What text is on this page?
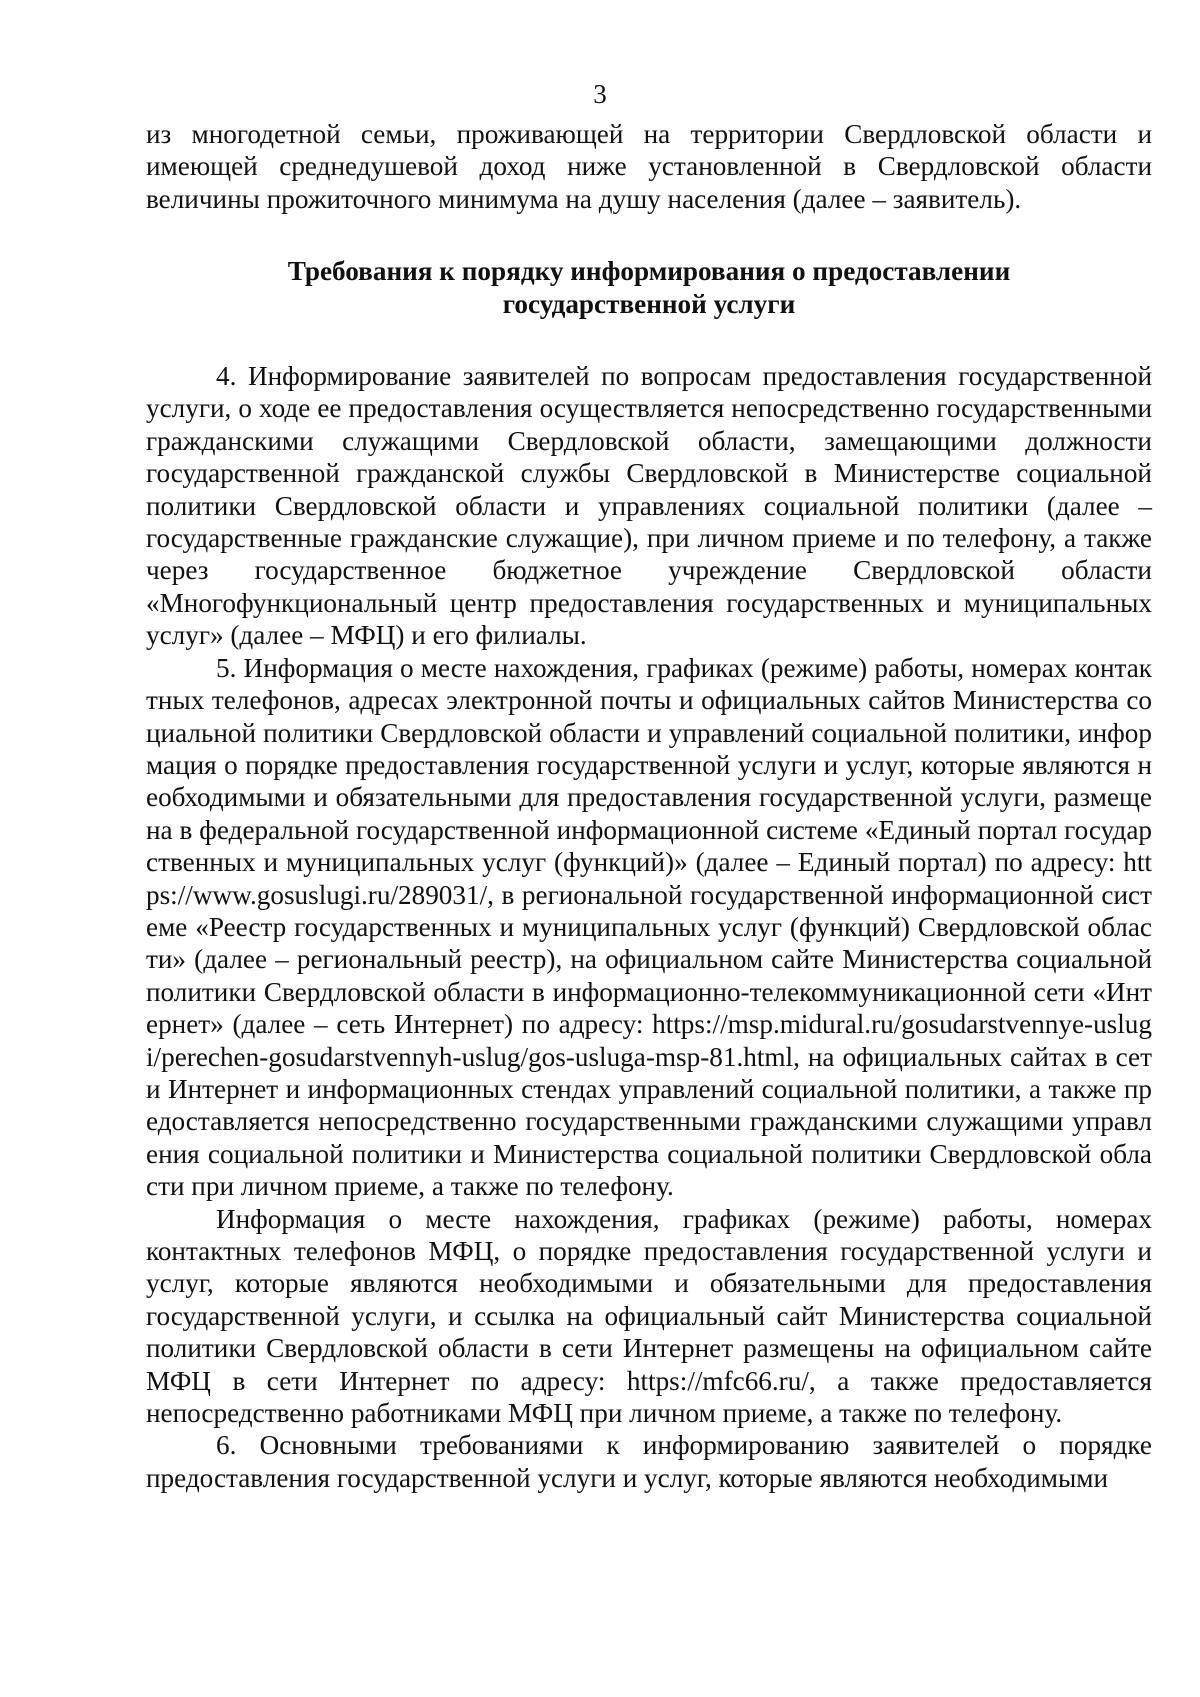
3

из многодетной семьи, проживающей на территории Свердловской области и имеющей среднедушевой доход ниже установленной в Свердловской области величины прожиточного минимума на душу населения (далее – заявитель).

Требования к порядку информирования о предоставлении государственной услуги

4. Информирование заявителей по вопросам предоставления государственной услуги, о ходе ее предоставления осуществляется непосредственно государственными гражданскими служащими Свердловской области, замещающими должности государственной гражданской службы Свердловской в Министерстве социальной политики Свердловской области и управлениях социальной политики (далее – государственные гражданские служащие), при личном приеме и по телефону, а также через государственное бюджетное учреждение Свердловской области «Многофункциональный центр предоставления государственных и муниципальных услуг» (далее – МФЦ) и его филиалы.

5. Информация о месте нахождения, графиках (режиме) работы, номерах контактных телефонов, адресах электронной почты и официальных сайтов Министерства социальной политики Свердловской области и управлений социальной политики, информация о порядке предоставления государственной услуги и услуг, которые являются необходимыми и обязательными для предоставления государственной услуги, размещена в федеральной государственной информационной системе «Единый портал государственных и муниципальных услуг (функций)» (далее – Единый портал) по адресу: https://www.gosuslugi.ru/289031/, в региональной государственной информационной системе «Реестр государственных и муниципальных услуг (функций) Свердловской области» (далее – региональный реестр), на официальном сайте Министерства социальной политики Свердловской области в информационно-телекоммуникационной сети «Интернет» (далее – сеть Интернет) по адресу: https://msp.midural.ru/gosudarstvennye-uslugi/perechen-gosudarstvennyh-uslug/gos-usluga-msp-81.html, на официальных сайтах в сети Интернет и информационных стендах управлений социальной политики, а также предоставляется непосредственно государственными гражданскими служащими управления социальной политики и Министерства социальной политики Свердловской области при личном приеме, а также по телефону.

Информация о месте нахождения, графиках (режиме) работы, номерах контактных телефонов МФЦ, о порядке предоставления государственной услуги и услуг, которые являются необходимыми и обязательными для предоставления государственной услуги, и ссылка на официальный сайт Министерства социальной политики Свердловской области в сети Интернет размещены на официальном сайте МФЦ в сети Интернет по адресу: https://mfc66.ru/, а также предоставляется непосредственно работниками МФЦ при личном приеме, а также по телефону.

6. Основными требованиями к информированию заявителей о порядке предоставления государственной услуги и услуг, которые являются необходимыми
